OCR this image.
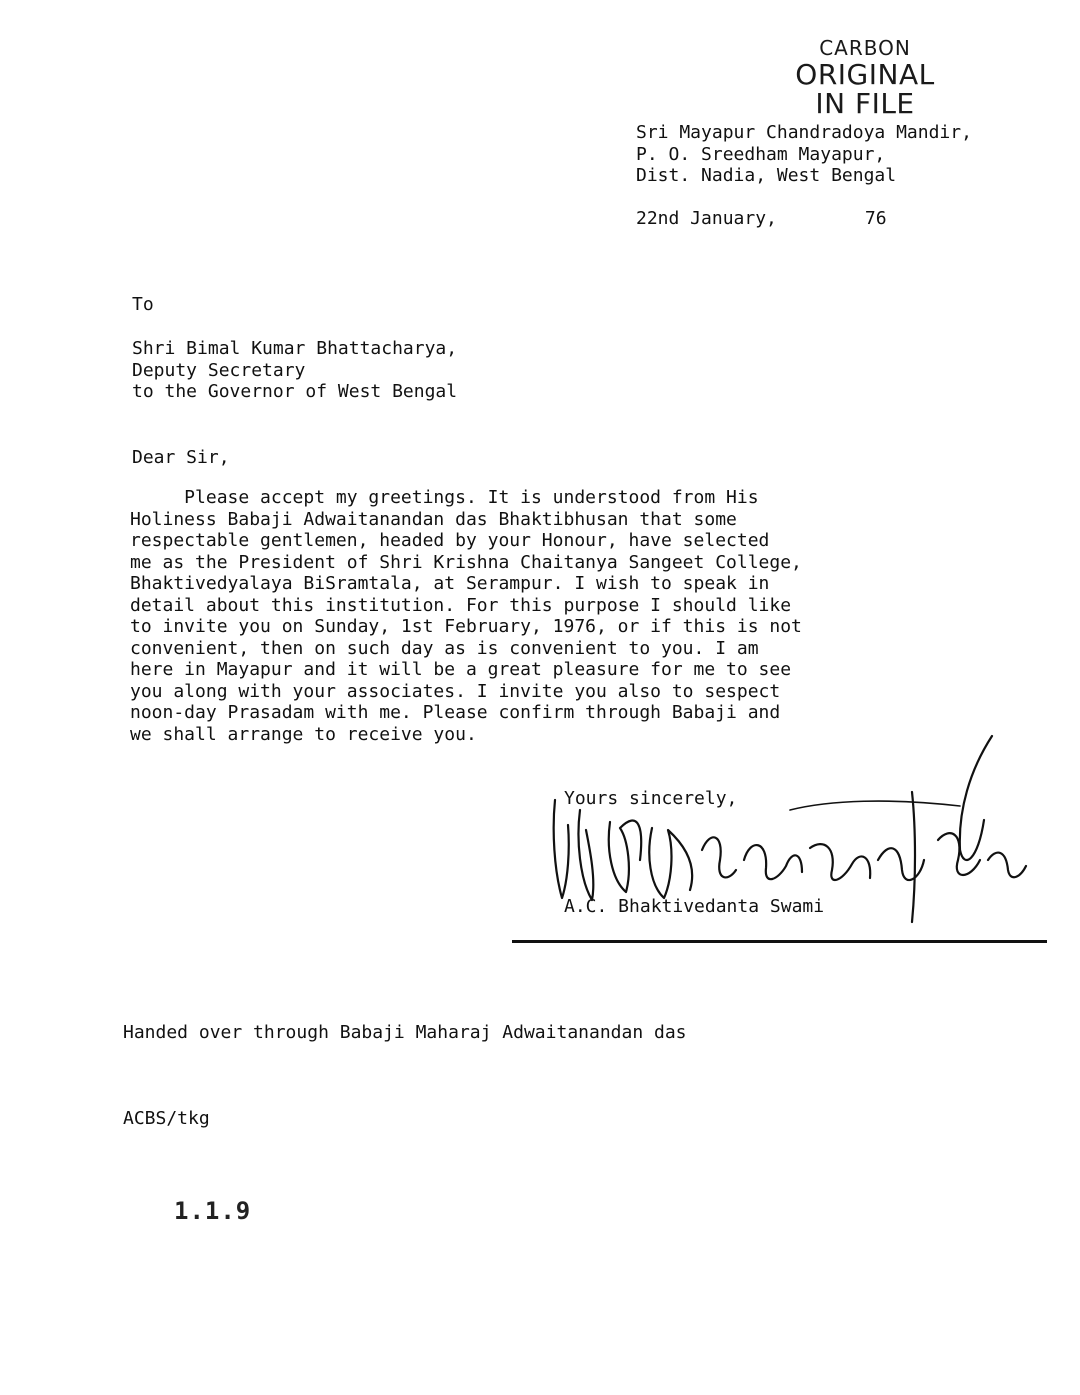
CARBON
ORIGINAL
IN FILE
Sri Mayapur Chandradoya Mandir,
P. O. Sreedham Mayapur,
Dist. Nadia, West Bengal
22nd January,	76
To
Shri Bimal Kumar Bhattacharya,
Deputy Secretary
to the Governor of West Bengal
Dear Sir,
Please accept my greetings. It is understood from His
Holiness Babaji Adwaitanandan das Bhaktibhusan that some
respectable gentlemen, headed by your Honour, have selected
me as the President of Shri Krishna Chaitanya Sangeet College,
Bhaktivedyalaya BiSramtala, at Serampur. I wish to speak in
detail about this institution. For this purpose I should like
to invite you on Sunday, 1st February, 1976, or if this is not
convenient, then on such day as is convenient to you. I am
here in Mayapur and it will be a great pleasure for me to see
you along with your associates. I invite you also to sespect
noon-day Prasadam with me. Please confirm through Babaji and
we shall arrange to receive you.
Yours sincerely,
A.C. Bhaktivedanta Swami
Handed over through Babaji Maharaj Adwaitanandan das
ACBS/tkg
1.1.9
